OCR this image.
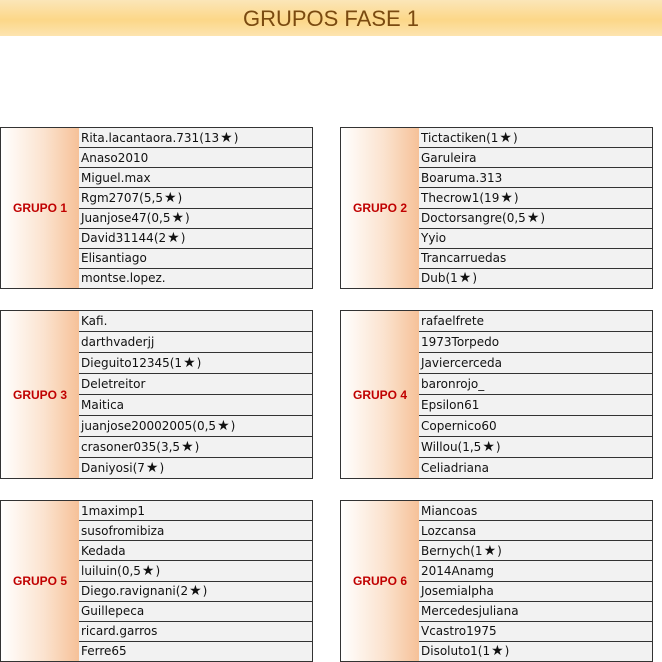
GRUPOS FASE 1
GRUPO 1
Rita.lacantaora.731(13 ★ )
Anaso2010
Miguel.max
Rgm2707(5,5 ★ )
Juanjose47(0,5 ★ )
David31144(2 ★ )
Elisantiago
montse.lopez.
GRUPO 2
Tictactiken(1 ★ )
Garuleira
Boaruma.313
Thecrow1(19 ★ )
Doctorsangre(0,5 ★ )
Yyio
Trancarruedas
Dub(1 ★ )
GRUPO 3
Kafi.
darthvaderjj
Dieguito12345(1 ★ )
Deletreitor
Maitica
juanjose20002005(0,5 ★ )
crasoner035(3,5 ★ )
Daniyosi(7 ★ )
GRUPO 4
rafaelfrete
1973Torpedo
Javiercerceda
baronrojo_
Epsilon61
Copernico60
Willou(1,5 ★ )
Celiadriana
GRUPO 5
1maximp1
susofromibiza
Kedada
luiluin(0,5 ★ )
Diego.ravignani(2 ★ )
Guillepeca
ricard.garros
Ferre65
GRUPO 6
Miancoas
Lozcansa
Bernych(1 ★ )
2014Anamg
Josemialpha
Mercedesjuliana
Vcastro1975
Disoluto1(1 ★ )
